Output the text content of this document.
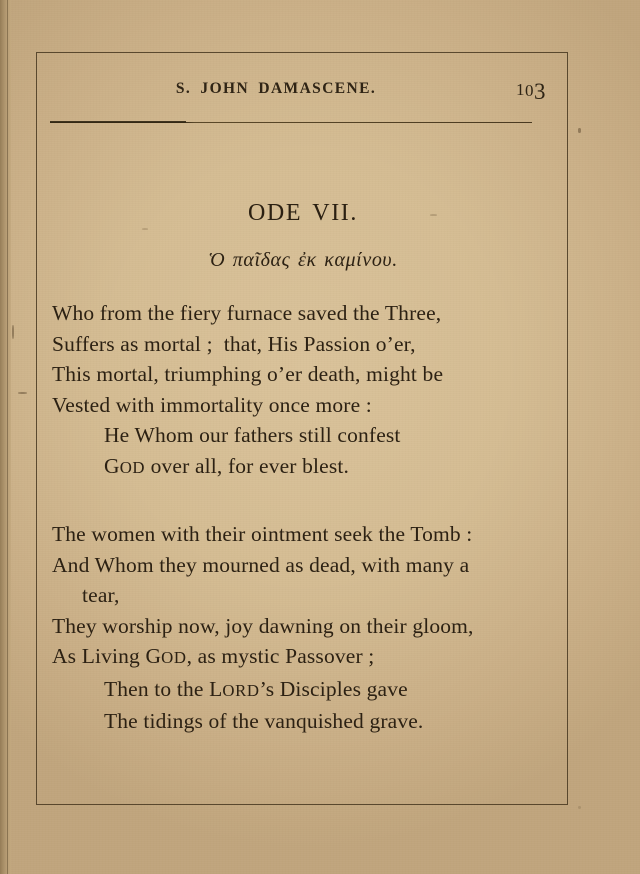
S. JOHN DAMASCENE.	103
ODE VII.
Ὁ παῖδας ἐκ καμίνου.
Who from the fiery furnace saved the Three,
Suffers as mortal ;  that, His Passion o’er,
This mortal, triumphing o’er death, might be
Vested with immortality once more :
He Whom our fathers still confest
GOD over all, for ever blest.
The women with their ointment seek the Tomb :
And Whom they mourned as dead, with many a
tear,
They worship now, joy dawning on their gloom,
As Living GOD, as mystic Passover ;
Then to the LORD’s Disciples gave
The tidings of the vanquished grave.
